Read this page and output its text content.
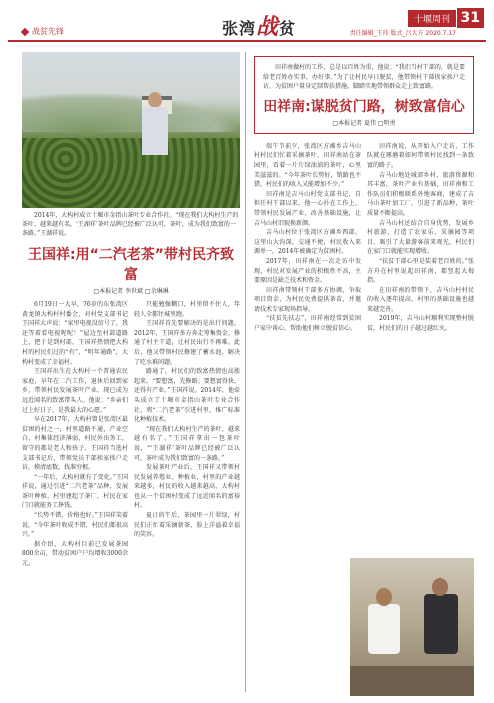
战贫先锋	张湾战贫	十堰周刊 31
责任编辑_王玮 版式_吕大方 2020.7.17
2014年，大构村成立十堰市金指山茶叶专业合作社。“现在我们大构村生产的茶叶，越来越有名，‘王湖祥’茶叶品牌已经被广泛认可，茶叶，成为我们致富的一条路。”王湖祥说。
王国祥:用“二汽老茶”带村民齐致富
□本报记者 李世斌 □余琳琳

6月19日一大早，76岁的东张湾区黄龙镇大构村村委会，对村党支部书记王国祥大声说：“家里电视没信号了，我还等着看电视呢呢！”屋边至村部道路上，把于是到村部，王国祥热情把大构村的村民们过的“有”，“明年通路”，大构村变成了幸福村。

王国祥出生在大构村一个普通农民家庭，早年在二汽工作，退休后回到家乡，带领村民发展茶叶产业，现已成为远近闻名的致富带头人。他说：“乡亲们过上好日子，是我最大的心愿。”

早在2017年，大构村曾是张湾区最贫困的村之一，村里道路不通，产业空白，村集体经济薄弱，村民外出务工，留守的都是老人和孩子。王国祥当选村支部书记后，带领党员干部挨家挨户走访，摸清底数，找准穷根。

“一年后，大构村就有了变化。”王国祥说，通过引进“二汽老茶”品种，发展茶叶种植，村里建起了茶厂，村民在家门口就能务工挣钱。

“长势不错，价格也好。”王国祥笑着说，“今年茶叶收成不错，村民们都很高兴。”

据介绍，大构村目前已发展茶园800余亩，带动贫困户户均增收3000余元。

只能勉强糊口，村里留不住人，年轻人全都往城里跑。

王国祥首先要解决的是出行问题。2012年，王国祥多方奔走筹集资金，修通了村主干道，让村民出行不再难。此后，他又带领村民修建了蓄水池，解决了吃水难问题。

路通了，村民们的致富热情也高涨起来。“要想富，先修路；要想富得快，还得有产业。”王国祥说。2014年，他牵头成立了十堰市金指山茶叶专业合作社，将“二汽老茶”引进村里，推广标准化种植技术。

“现在我们大构村生产的茶叶，越来越有名了。”王国祥拿出一包茶叶说，“‘王湖祥’茶叶品牌已经被广泛认可，茶叶成为我们致富的一条路。”

发展茶叶产业后，王国祥又带领村民发展养殖业、种植业，村里的产业越来越多，村民的收入越来越高，大构村也从一个贫困村变成了远近闻名的富裕村。

夏日的午后，茶园里一片翠绿，村民们正忙着采摘新茶，脸上洋溢着幸福的笑容。

田祥南做村的工作，总是以百姓为重，他说：“我们当村干部的，就是要给老百姓办实事，办好事。”为了让村民早日脱贫，他带领村干部挨家挨户走访，为贫困户量身定制帮扶措施，脚踏实地带领群众走上致富路。
田祥南:谋脱贫门路，树致富信心
□本报记者 夏伟 □明勇

端午节前夕，张湾区方滩乡吉马山村村民们忙着采摘茶叶，田祥南站在茶园里，看着一片片绿油油的茶叶，心里美滋滋的。“今年茶叶长势好，销路也不错，村民们的收入又能增加不少。”

田祥南是吉马山村党支部书记，自担任村干部以来，他一心扑在工作上，带领村民发展产业，改善基础设施，让吉马山村旧貌换新颜。

吉马山村位于张湾区方滩乡西部，这里山大沟深，交通不便，村民收入来源单一，2014年被确定为贫困村。

2017年，田祥南在一次走访中发现，村民对发展产业的积极性不高，主要原因是缺乏技术和资金。

田祥南带领村干部多方协调，争取项目资金，为村民免费提供茶苗，并邀请技术专家现场指导。

“扶贫先扶志”，田祥南经常到贫困户家中谈心，帮助他们树立脱贫信心。

田祥南说，从开始入户走访，工作队就在琢磨着如何带领村民找到一条致富的路子。

吉马山地处城郊乡村，旅游资源和其丰富，茶叶产业有基础，田祥南和工作队员们积极联系外地客商，建成了吉马山茶叶加工厂，引进了新品种，茶叶质量不断提高。

吉马山村还结合自身优势，发展乡村旅游，打造了农家乐、采摘园等项目，吸引了大量游客前来观光，村民们在家门口就能实现增收。

“扶贫干部心里是装着老百姓的。”张方舟在村里说起田祥南，都竖起大拇指。

在田祥南的带领下，吉马山村村民的收入逐年提高，村里的基础设施也越来越完善。

2019年，吉马山村顺利实现整村脱贫，村民们的日子越过越红火。
